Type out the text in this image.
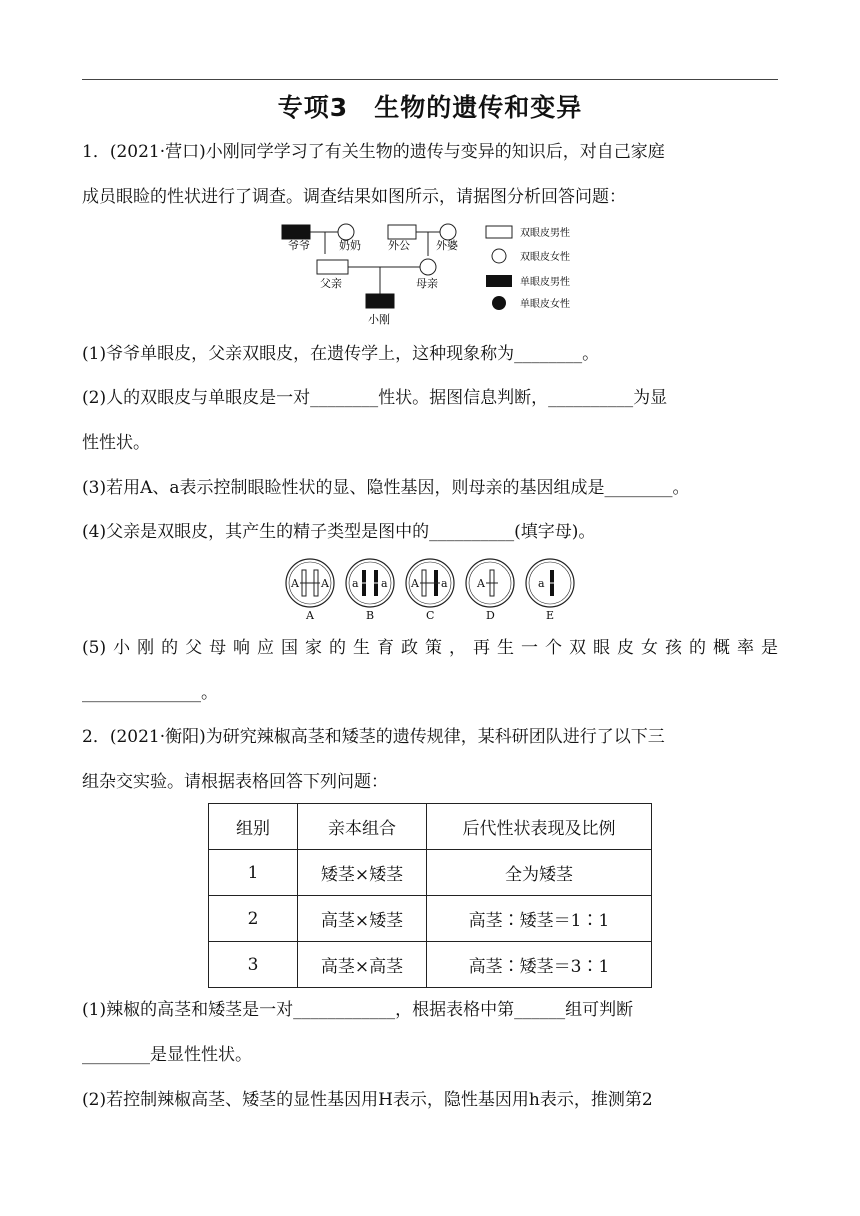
专项3　生物的遗传和变异
1．(2021·营口)小刚同学学习了有关生物的遗传与变异的知识后，对自己家庭
成员眼睑的性状进行了调查。调查结果如图所示，请据图分析回答问题：
爷爷	奶奶 外公 外婆
父亲	母亲
小刚
双眼皮男性
双眼皮女性
单眼皮男性
单眼皮女性
(1)爷爷单眼皮，父亲双眼皮，在遗传学上，这种现象称为________。
(2)人的双眼皮与单眼皮是一对________性状。据图信息判断，__________为显
性性状。
(3)若用A、a表示控制眼睑性状的显、隐性基因，则母亲的基因组成是________。
(4)父亲是双眼皮，其产生的精子类型是图中的__________(填字母)。
A A
A
a a
B
A a
C
A
D
a
E
(5)小刚的父母响应国家的生育政策，再生一个双眼皮女孩的概率是
______________。
2．(2021·衡阳)为研究辣椒高茎和矮茎的遗传规律，某科研团队进行了以下三
组杂交实验。请根据表格回答下列问题：
组别	亲本组合	后代性状表现及比例
1	矮茎×矮茎	全为矮茎
2	高茎×矮茎	高茎∶矮茎＝1∶1
3	高茎×高茎	高茎∶矮茎＝3∶1
(1)辣椒的高茎和矮茎是一对____________，根据表格中第______组可判断
________是显性性状。
(2)若控制辣椒高茎、矮茎的显性基因用H表示，隐性基因用h表示，推测第2
